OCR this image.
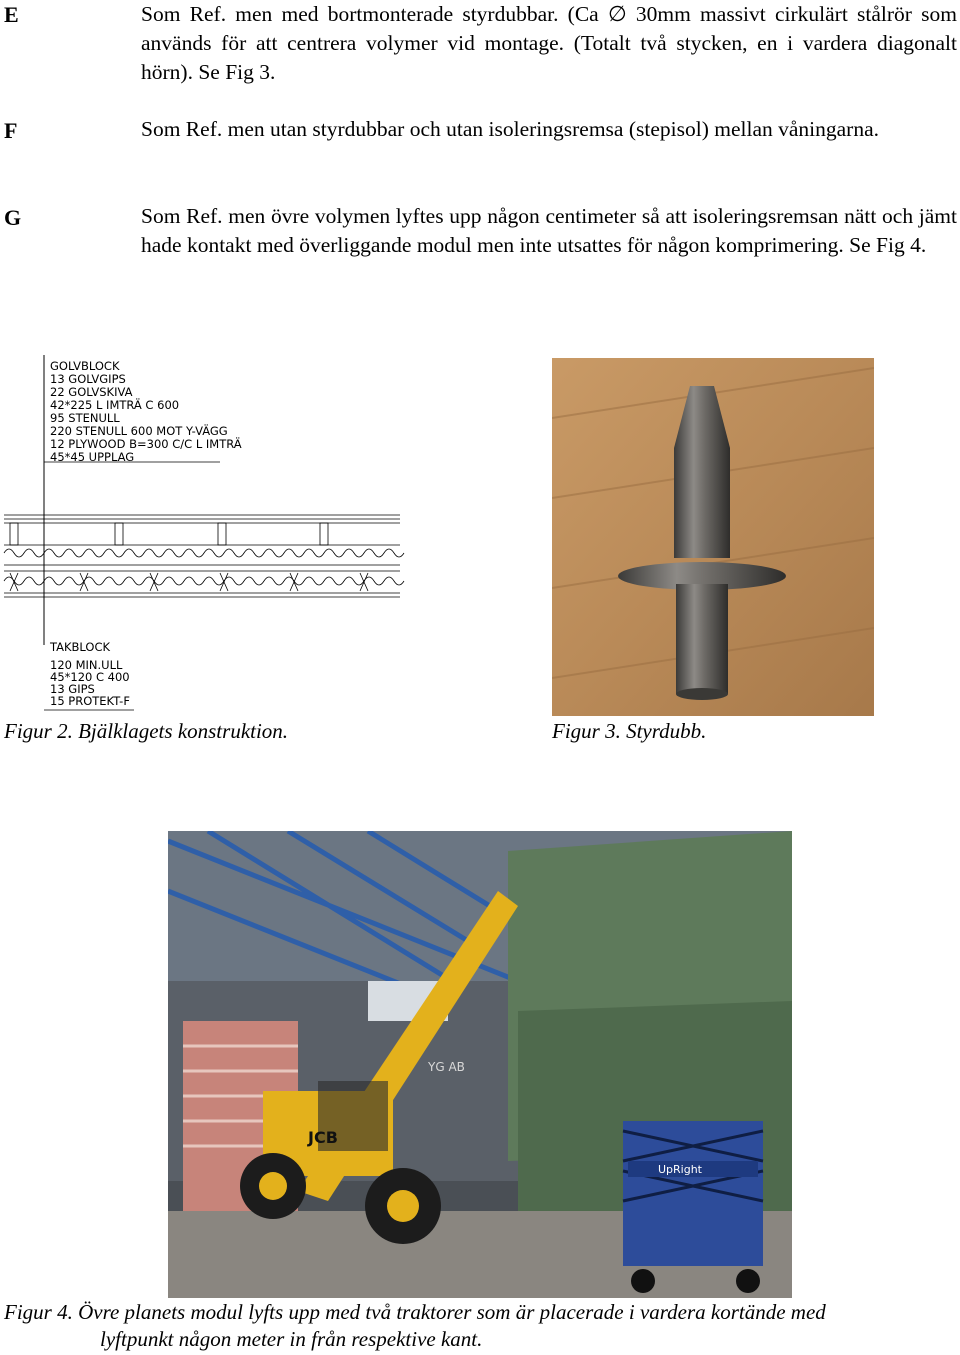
E	Som Ref. men med bortmonterade styrdubbar. (Ca ∅ 30mm massivt cirkulärt stålrör som används för att centrera volymer vid montage. (Totalt två stycken, en i vardera diagonalt hörn). Se Fig 3.
F	Som Ref. men utan styrdubbar och utan isoleringsremsa (stepisol) mellan våningarna.
G	Som Ref. men övre volymen lyftes upp någon centimeter så att isoleringsremsan nätt och jämt hade kontakt med överliggande modul men inte utsattes för någon komprimering. Se Fig 4.
GOLVBLOCK
13 GOLVGIPS
22 GOLVSKIVA
42*225 L IMTRÄ C 600
95 STENULL
220 STENULL 600 MOT Y-VÄGG
12 PLYWOOD B=300 C/C L IMTRÄ
45*45 UPPLAG
TAKBLOCK
120 MIN.ULL
45*120 C 400
13 GIPS
15 PROTEKT-F
Figur 2. Bjälklagets konstruktion.	Figur 3. Styrdubb.
JCB
YG AB
UpRight
Figur 4. Övre planets modul lyfts upp med två traktorer som är placerade i vardera kortände med
lyftpunkt någon meter in från respektive kant.
